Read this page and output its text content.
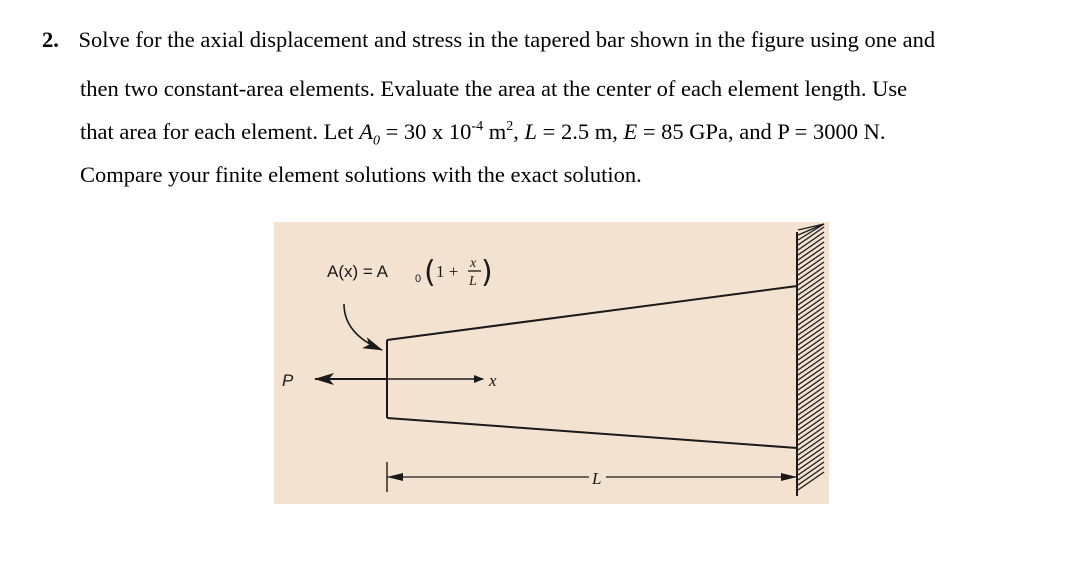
2. Solve for the axial displacement and stress in the tapered bar shown in the figure using one and
then two constant-area elements. Evaluate the area at the center of each element length. Use
that area for each element. Let $A_0 = 30$ x $10^{-4}$ $m^2$, L = 2.5 m, E = 85 GPa, and P = 3000 N.
Compare your finite element solutions with the exact solution.
A(x) = A 0 ( 1 + x
L )
P	x
L
